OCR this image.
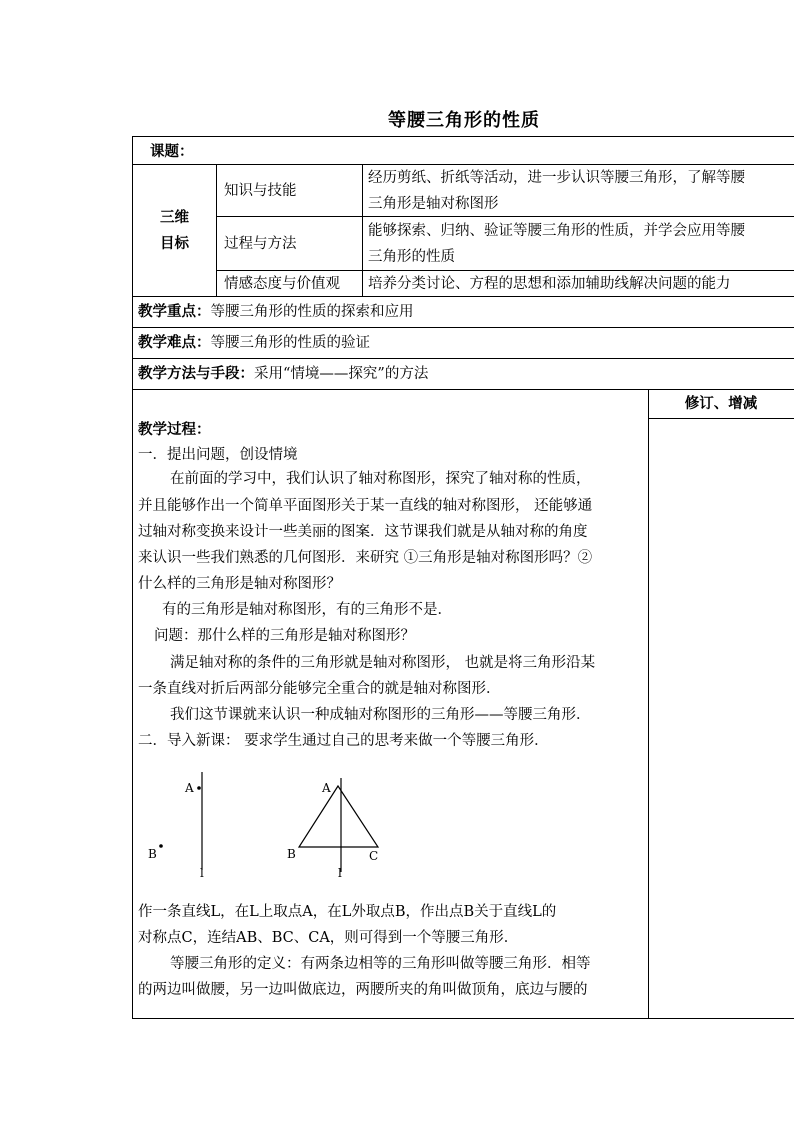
等腰三角形的性质
课题：
三维
目标
知识与技能
经历剪纸、折纸等活动，进一步认识等腰三角形，了解等腰
三角形是轴对称图形
过程与方法
能够探索、归纳、验证等腰三角形的性质，并学会应用等腰
三角形的性质
情感态度与价值观 培养分类讨论、方程的思想和添加辅助线解决问题的能力
教学重点：等腰三角形的性质的探索和应用
教学难点：等腰三角形的性质的验证
教学方法与手段：采用“情境——探究”的方法
修订、增减
教学过程：
一．提出问题，创设情境
在前面的学习中，我们认识了轴对称图形，探究了轴对称的性质，
并且能够作出一个简单平面图形关于某一直线的轴对称图形， 还能够通
过轴对称变换来设计一些美丽的图案．这节课我们就是从轴对称的角度
来认识一些我们熟悉的几何图形．来研究 ①三角形是轴对称图形吗？②
什么样的三角形是轴对称图形？
有的三角形是轴对称图形，有的三角形不是．
问题：那什么样的三角形是轴对称图形？
满足轴对称的条件的三角形就是轴对称图形， 也就是将三角形沿某
一条直线对折后两部分能够完全重合的就是轴对称图形．
我们这节课就来认识一种成轴对称图形的三角形——等腰三角形．
二．导入新课： 要求学生通过自己的思考来做一个等腰三角形．
A
B
l
A
B	C
l
作一条直线L，在L上取点A，在L外取点B，作出点B关于直线L的
对称点C，连结AB、BC、CA，则可得到一个等腰三角形．
等腰三角形的定义：有两条边相等的三角形叫做等腰三角形．相等
的两边叫做腰，另一边叫做底边，两腰所夹的角叫做顶角，底边与腰的
